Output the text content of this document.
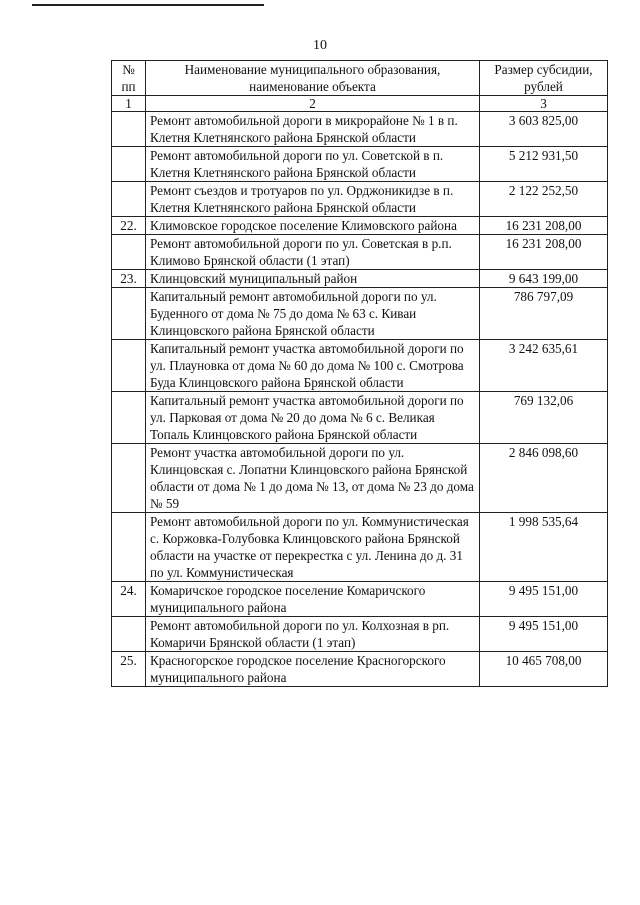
10
№ пп	Наименование муниципального образования, наименование объекта	Размер субсидии, рублей
1	2	3
	Ремонт автомобильной дороги в микрорайоне № 1 в п. Клетня Клетнянского района Брянской области	3 603 825,00
	Ремонт автомобильной дороги по ул. Советской в п. Клетня Клетнянского района Брянской области	5 212 931,50
	Ремонт съездов и тротуаров по ул. Орджоникидзе в п. Клетня Клетнянского района Брянской области	2 122 252,50
22.	Климовское городское поселение Климовского района	16 231 208,00
	Ремонт автомобильной дороги по ул. Советская в р.п. Климово Брянской области (1 этап)	16 231 208,00
23.	Клинцовский муниципальный район	9 643 199,00
	Капитальный ремонт автомобильной дороги по ул. Буденного от дома № 75 до дома № 63 с. Киваи Клинцовского района Брянской области	786 797,09
	Капитальный ремонт участка автомобильной дороги по ул. Плауновка от дома № 60 до дома № 100 с. Смотрова Буда Клинцовского района Брянской области	3 242 635,61
	Капитальный ремонт участка автомобильной дороги по ул. Парковая от дома № 20 до дома № 6 с. Великая Топаль Клинцовского района Брянской области	769 132,06
	Ремонт участка автомобильной дороги по ул. Клинцовская с. Лопатни Клинцовского района Брянской области от дома № 1 до дома № 13, от дома № 23 до дома № 59	2 846 098,60
	Ремонт автомобильной дороги по ул. Коммунистическая с. Коржовка-Голубовка Клинцовского района Брянской области на участке от перекрестка с ул. Ленина до д. 31 по ул. Коммунистическая	1 998 535,64
24.	Комаричское городское поселение Комаричского муниципального района	9 495 151,00
	Ремонт автомобильной дороги по ул. Колхозная в рп. Комаричи Брянской области (1 этап)	9 495 151,00
25.	Красногорское городское поселение Красногорского муниципального района	10 465 708,00
